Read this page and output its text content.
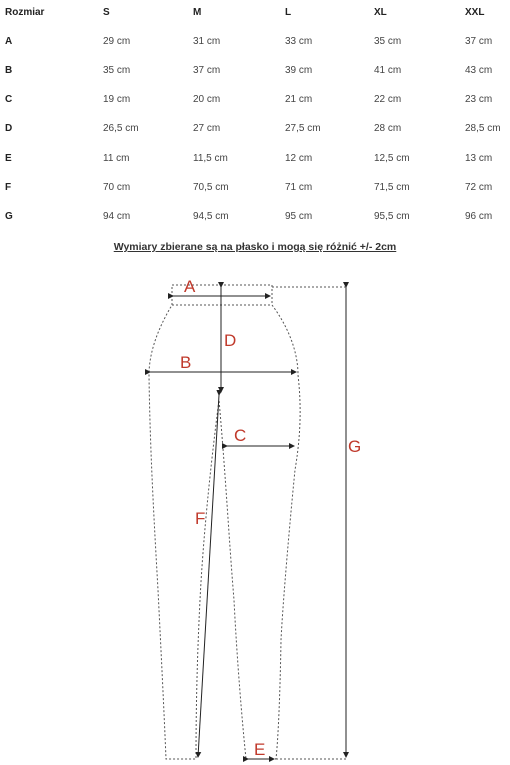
Rozmiar	S	M	L	XL	XXL
A	29 cm	31 cm	33 cm	35 cm	37 cm
B	35 cm	37 cm	39 cm	41 cm	43 cm
C	19 cm	20 cm	21 cm	22 cm	23 cm
D	26,5 cm	27 cm	27,5 cm	28 cm	28,5 cm
E	11 cm	11,5 cm	12 cm	12,5 cm	13 cm
F	70 cm	70,5 cm	71 cm	71,5 cm	72 cm
G	94 cm	94,5 cm	95 cm	95,5 cm	96 cm
Wymiary zbierane są na płasko i mogą się różnić +/- 2cm
A
B
C
D
E
F
G
